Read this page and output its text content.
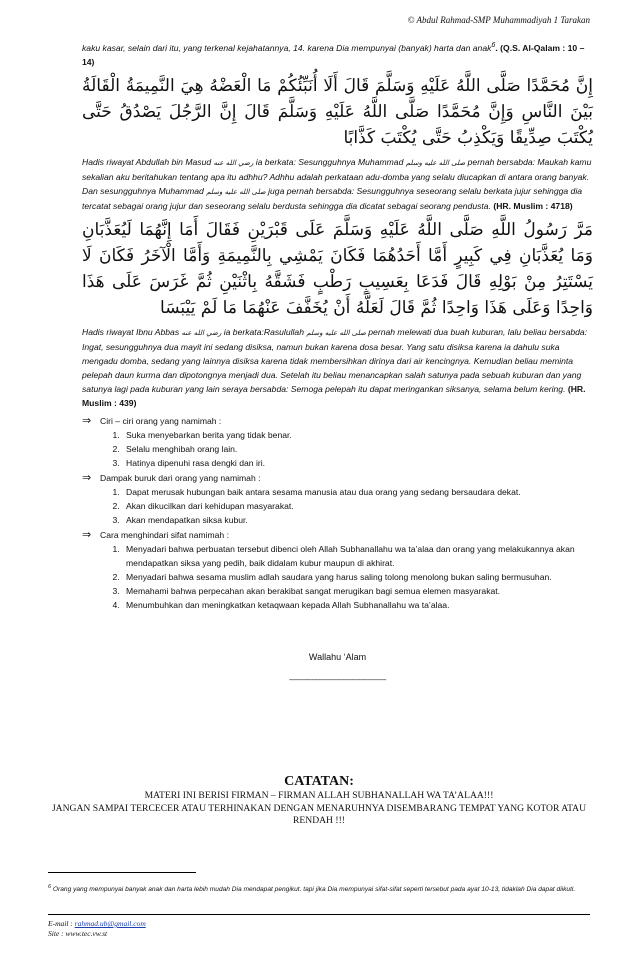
© Abdul Rahmad-SMP Muhammadiyah 1 Tarakan

kaku kasar, selain dari itu, yang terkenal kejahatannya, 14. karena Dia mempunyai (banyak) harta dan anak$^6$. (Q.S. Al-Qalam : 10 – 14)

إِنَّ مُحَمَّدًا صَلَّى اللَّهُ عَلَيْهِ وَسَلَّمَ قَالَ أَلَا أُنَبِّئُكُمْ مَا الْعَضْهُ هِيَ النَّمِيمَةُ الْقَالَةُ بَيْنَ النَّاسِ وَإِنَّ مُحَمَّدًا صَلَّى اللَّهُ عَلَيْهِ وَسَلَّمَ قَالَ إِنَّ الرَّجُلَ يَصْدُقُ حَتَّى يُكْتَبَ صِدِّيقًا وَيَكْذِبُ حَتَّى يُكْتَبَ كَذَّابًا

Hadis riwayat Abdullah bin Masud رضي الله عنه ia berkata: Sesungguhnya Muhammad صلى الله عليه وسلم pernah bersabda: Maukah kamu sekalian aku beritahukan tentang apa itu adhhu? Adhhu adalah perkataan adu-domba yang selalu diucapkan di antara orang banyak. Dan sesungguhnya Muhammad صلى الله عليه وسلم juga pernah bersabda: Sesungguhnya seseorang selalu berkata jujur sehingga dia tercatat sebagai orang jujur dan seseorang selalu berdusta sehingga dia dicatat sebagai seorang pendusta. (HR. Muslim : 4718)

مَرَّ رَسُولُ اللَّهِ صَلَّى اللَّهُ عَلَيْهِ وَسَلَّمَ عَلَى قَبْرَيْنِ فَقَالَ أَمَا إِنَّهُمَا لَيُعَذَّبَانِ وَمَا يُعَذَّبَانِ فِي كَبِيرٍ أَمَّا أَحَدُهُمَا فَكَانَ يَمْشِي بِالنَّمِيمَةِ وَأَمَّا الْآخَرُ فَكَانَ لَا يَسْتَتِرُ مِنْ بَوْلِهِ قَالَ فَدَعَا بِعَسِيبٍ رَطْبٍ فَشَقَّهُ بِاثْنَيْنِ ثُمَّ غَرَسَ عَلَى هَذَا وَاحِدًا وَعَلَى هَذَا وَاحِدًا ثُمَّ قَالَ لَعَلَّهُ أَنْ يُخَفَّفَ عَنْهُمَا مَا لَمْ يَيْبَسَا

Hadis riwayat Ibnu Abbas رضي الله عنه ia berkata:Rasulullah صلى الله عليه وسلم pernah melewati dua buah kuburan, lalu beliau bersabda: Ingat, sesungguhnya dua mayit ini sedang disiksa, namun bukan karena dosa besar. Yang satu disiksa karena ia dahulu suka mengadu domba, sedang yang lainnya disiksa karena tidak membersihkan dirinya dari air kencingnya. Kemudian beliau meminta pelepah daun kurma dan dipotongnya menjadi dua. Setelah itu beliau menancapkan salah satunya pada sebuah kuburan dan yang satunya lagi pada kuburan yang lain seraya bersabda: Semoga pelepah itu dapat meringankan siksanya, selama belum kering. (HR. Muslim : 439)

⇒ Ciri – ciri orang yang namimah :
1. Suka menyebarkan berita yang tidak benar.
2. Selalu menghibah orang lain.
3. Hatinya dipenuhi rasa dengki dan iri.
⇒ Dampak buruk dari orang yang namimah :
1. Dapat merusak hubungan baik antara sesama manusia atau dua orang yang sedang bersaudara dekat.
2. Akan dikucilkan dari kehidupan masyarakat.
3. Akan mendapatkan siksa kubur.
⇒ Cara menghindari sifat namimah :
1. Menyadari bahwa perbuatan tersebut dibenci oleh Allah Subhanallahu wa ta’alaa dan orang yang melakukannya akan mendapatkan siksa yang pedih, baik didalam kubur maupun di akhirat.
2. Menyadari bahwa sesama muslim adlah saudara yang harus saling tolong menolong bukan saling bermusuhan.
3. Memahami bahwa perpecahan akan berakibat sangat merugikan bagi semua elemen masyarakat.
4. Menumbuhkan dan meningkatkan ketaqwaan kepada Allah Subhanallahu wa ta’alaa.
Wallahu ‘Alam
-----------------------------------------------------
CATATAN:

MATERI INI BERISI FIRMAN – FIRMAN ALLAH SUBHANALLAH WA TA’ALAA!!!

JANGAN SAMPAI TERCECER ATAU TERHINAKAN DENGAN MENARUHNYA DISEMBARANG TEMPAT YANG KOTOR ATAU RENDAH !!!

$^6$ Orang yang mempunyai banyak anak dan harta lebih mudah Dia mendapat pengikut. tapi jika Dia mempunyai sifat-sifat seperti tersebut pada ayat 10-13, tidaklah Dia dapat diikuti.
E-mail : rahmad.ub@gmail.com
Site : www.tec.vw.st
